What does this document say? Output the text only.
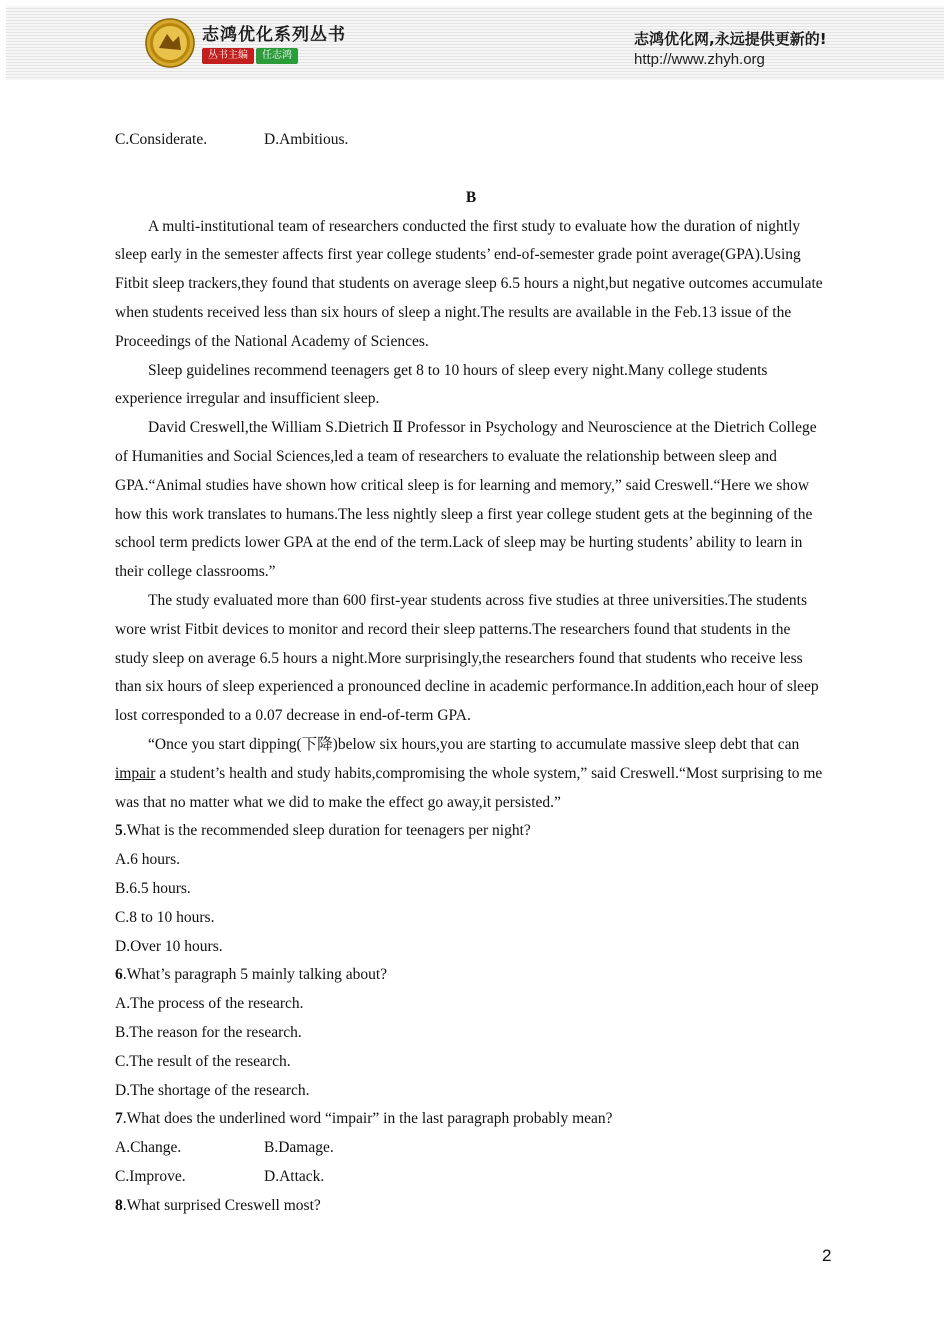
志鸿优化系列丛书
丛书主编	任志鸿
志鸿优化网,永远提供更新的!
http://www.zhyh.org

C.Considerate.	D.Ambitious.

B

A multi-institutional team of researchers conducted the first study to evaluate how the duration of nightly sleep early in the semester affects first year college students’ end-of-semester grade point average(GPA).Using Fitbit sleep trackers,they found that students on average sleep 6.5 hours a night,but negative outcomes accumulate when students received less than six hours of sleep a night.The results are available in the Feb.13 issue of the Proceedings of the National Academy of Sciences.

Sleep guidelines recommend teenagers get 8 to 10 hours of sleep every night.Many college students experience irregular and insufficient sleep.

David Creswell,the William S.Dietrich Ⅱ Professor in Psychology and Neuroscience at the Dietrich College of Humanities and Social Sciences,led a team of researchers to evaluate the relationship between sleep and GPA.“Animal studies have shown how critical sleep is for learning and memory,” said Creswell.“Here we show how this work translates to humans.The less nightly sleep a first year college student gets at the beginning of the school term predicts lower GPA at the end of the term.Lack of sleep may be hurting students’ ability to learn in their college classrooms.”

The study evaluated more than 600 first-year students across five studies at three universities.The students wore wrist Fitbit devices to monitor and record their sleep patterns.The researchers found that students in the study sleep on average 6.5 hours a night.More surprisingly,the researchers found that students who receive less than six hours of sleep experienced a pronounced decline in academic performance.In addition,each hour of sleep lost corresponded to a 0.07 decrease in end-of-term GPA.

“Once you start dipping(下降)below six hours,you are starting to accumulate massive sleep debt that can impair a student’s health and study habits,compromising the whole system,” said Creswell.“Most surprising to me was that no matter what we did to make the effect go away,it persisted.”

5.What is the recommended sleep duration for teenagers per night?

A.6 hours.

B.6.5 hours.

C.8 to 10 hours.

D.Over 10 hours.

6.What’s paragraph 5 mainly talking about?

A.The process of the research.

B.The reason for the research.

C.The result of the research.

D.The shortage of the research.

7.What does the underlined word “impair” in the last paragraph probably mean?

A.Change.	B.Damage.

C.Improve.	D.Attack.

8.What surprised Creswell most?

2
